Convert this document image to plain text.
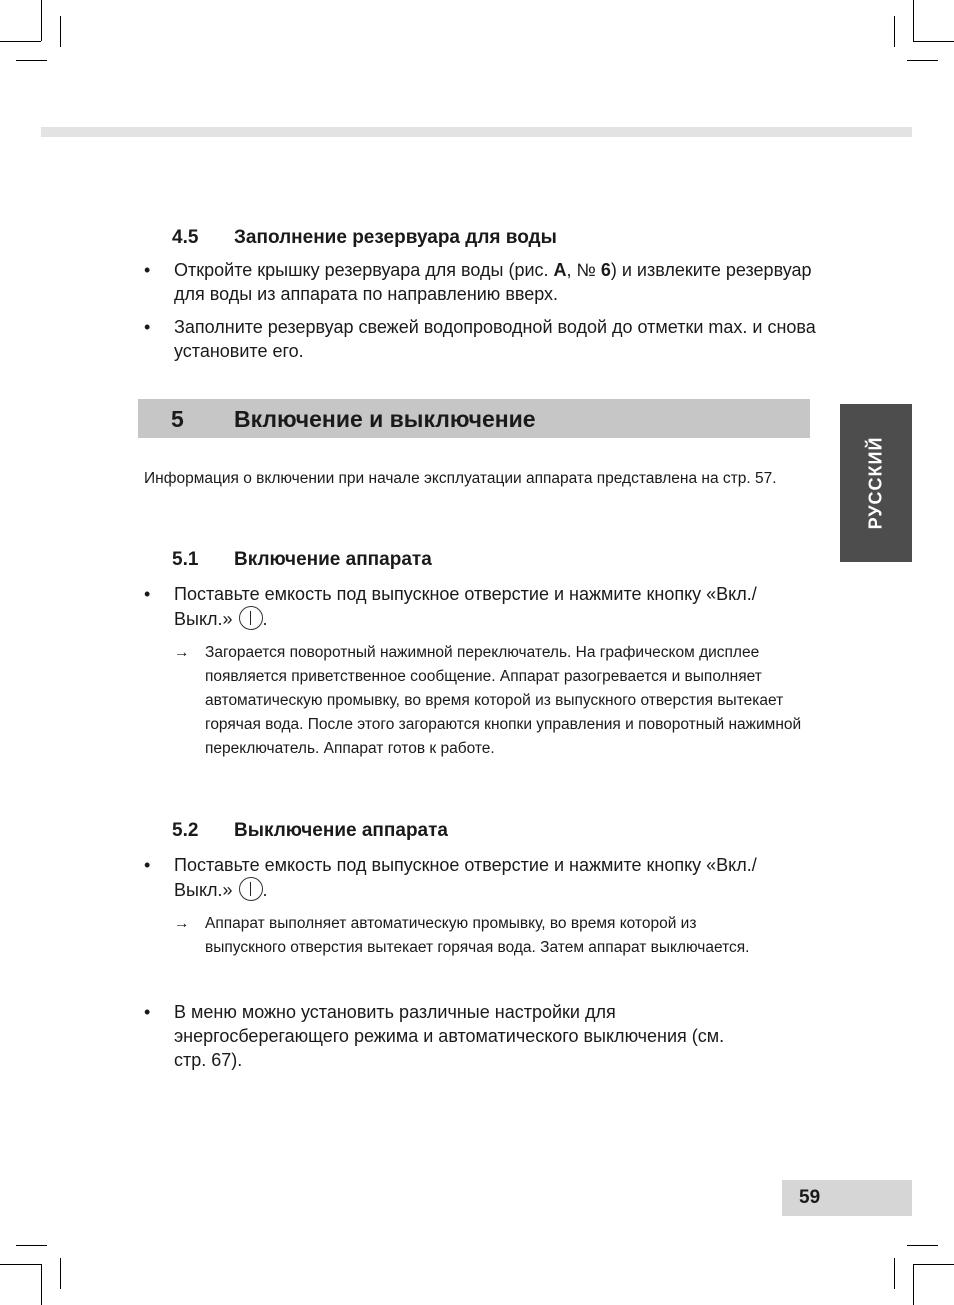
4.5 Заполнение резервуара для воды
• Откройте крышку резервуара для воды (рис. A, № 6) и извлеките резервуар для воды из аппарата по направлению вверх.
• Заполните резервуар свежей водопроводной водой до отметки max. и снова установите его.
5 Включение и выключение
Информация о включении при начале эксплуатации аппарата представлена на стр. 57.	РУССКИЙ
5.1 Включение аппарата
• Поставьте емкость под выпускное отверстие и нажмите кнопку «Вкл./Выкл.» .
→ Загорается поворотный нажимной переключатель. На графическом дисплее появляется приветственное сообщение. Аппарат разогревается и выполняет автоматическую промывку, во время которой из выпускного отверстия вытекает горячая вода. После этого загораются кнопки управления и поворотный нажимной переключатель. Аппарат готов к работе.
5.2 Выключение аппарата
• Поставьте емкость под выпускное отверстие и нажмите кнопку «Вкл./Выкл.» .
→ Аппарат выполняет автоматическую промывку, во время которой из выпускного отверстия вытекает горячая вода. Затем аппарат выключается.
• В меню можно установить различные настройки для энергосберегающего режима и автоматического выключения (см. стр. 67).
59
